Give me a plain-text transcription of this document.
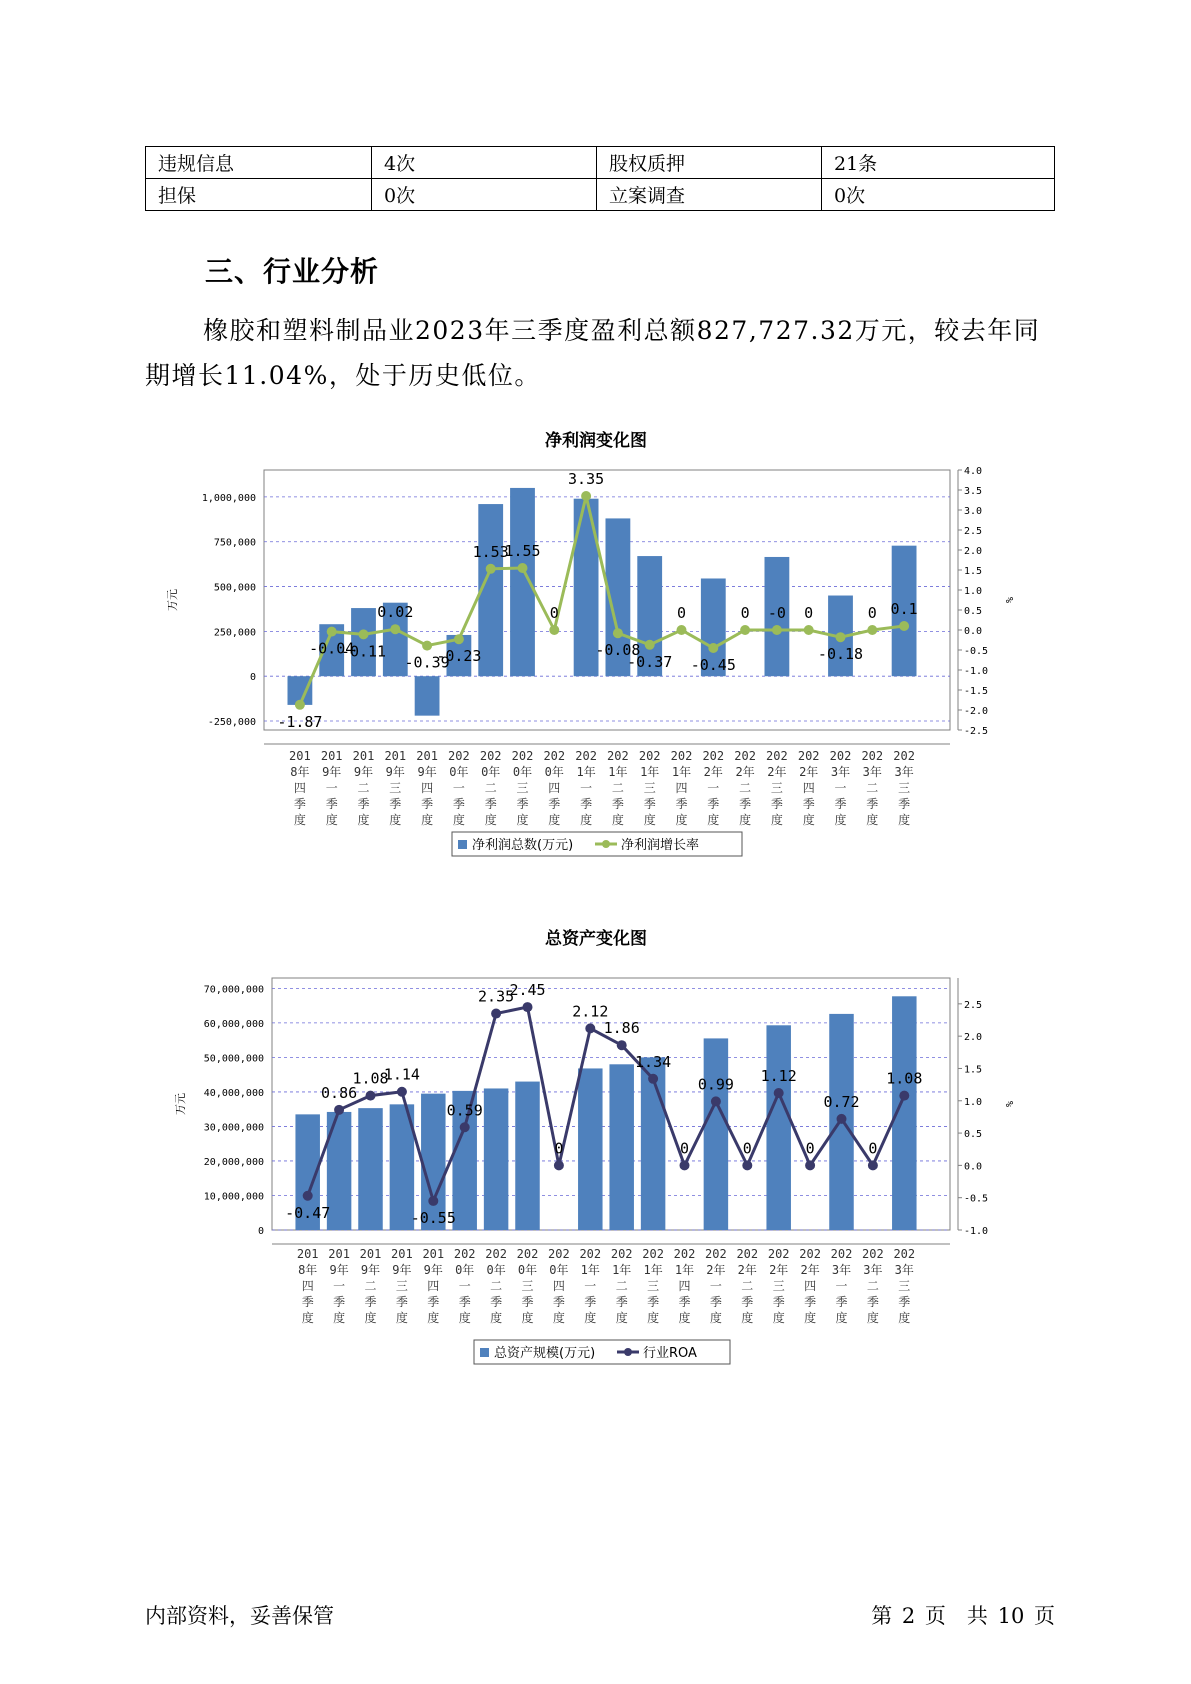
违规信息	4次	股权质押	21条
担保	0次	立案调查	0次
三、行业分析
橡胶和塑料制品业2023年三季度盈利总额827,727.32万元，较去年同期增长11.04%，处于历史低位。
净利润变化图
1,000,000
750,000
500,000
250,000
0
-250,000
4.0
3.5
3.0
2.5
2.0
1.5
1.0
0.5
0.0
-0.5
-1.0
-1.5
-2.0
-2.5
万元	%
-1.87
-0.04
-0.11
0.02
-0.39
-0.23
1.53
1.55
0
3.35
-0.08
-0.37
0
-0.45
0 -0 0
-0.18
0 0.1
201 8年四季度
201 9年一季度
201 9年二季度
201 9年三季度
201 9年四季度
202 0年一季度
202 0年二季度
202 0年三季度
202 0年四季度
202 1年一季度
202 1年二季度
202 1年三季度
202 1年四季度
202 2年一季度
202 2年二季度
202 2年三季度
202 2年四季度
202 3年一季度
202 3年二季度
202 3年三季度
净利润总数(万元)	净利润增长率
总资产变化图
70,000,000
60,000,000
50,000,000
40,000,000
30,000,000
20,000,000
10,000,000
0
2.5
2.0
1.5
1.0
0.5
0.0
-0.5
-1.0
万元	%
-0.47
0.86
1.08
1.14
-0.55
0.59
2.35
2.45
0
2.12
1.86
1.34
0
0.99
0
1.12
0
0.72
0
1.08
201 8年四季度
201 9年一季度
201 9年二季度
201 9年三季度
201 9年四季度
202 0年一季度
202 0年二季度
202 0年三季度
202 0年四季度
202 1年一季度
202 1年二季度
202 1年三季度
202 1年四季度
202 2年一季度
202 2年二季度
202 2年三季度
202 2年四季度
202 3年一季度
202 3年二季度
202 3年三季度
总资产规模(万元)	行业ROA
内部资料，妥善保管	第 2 页　共 10 页
